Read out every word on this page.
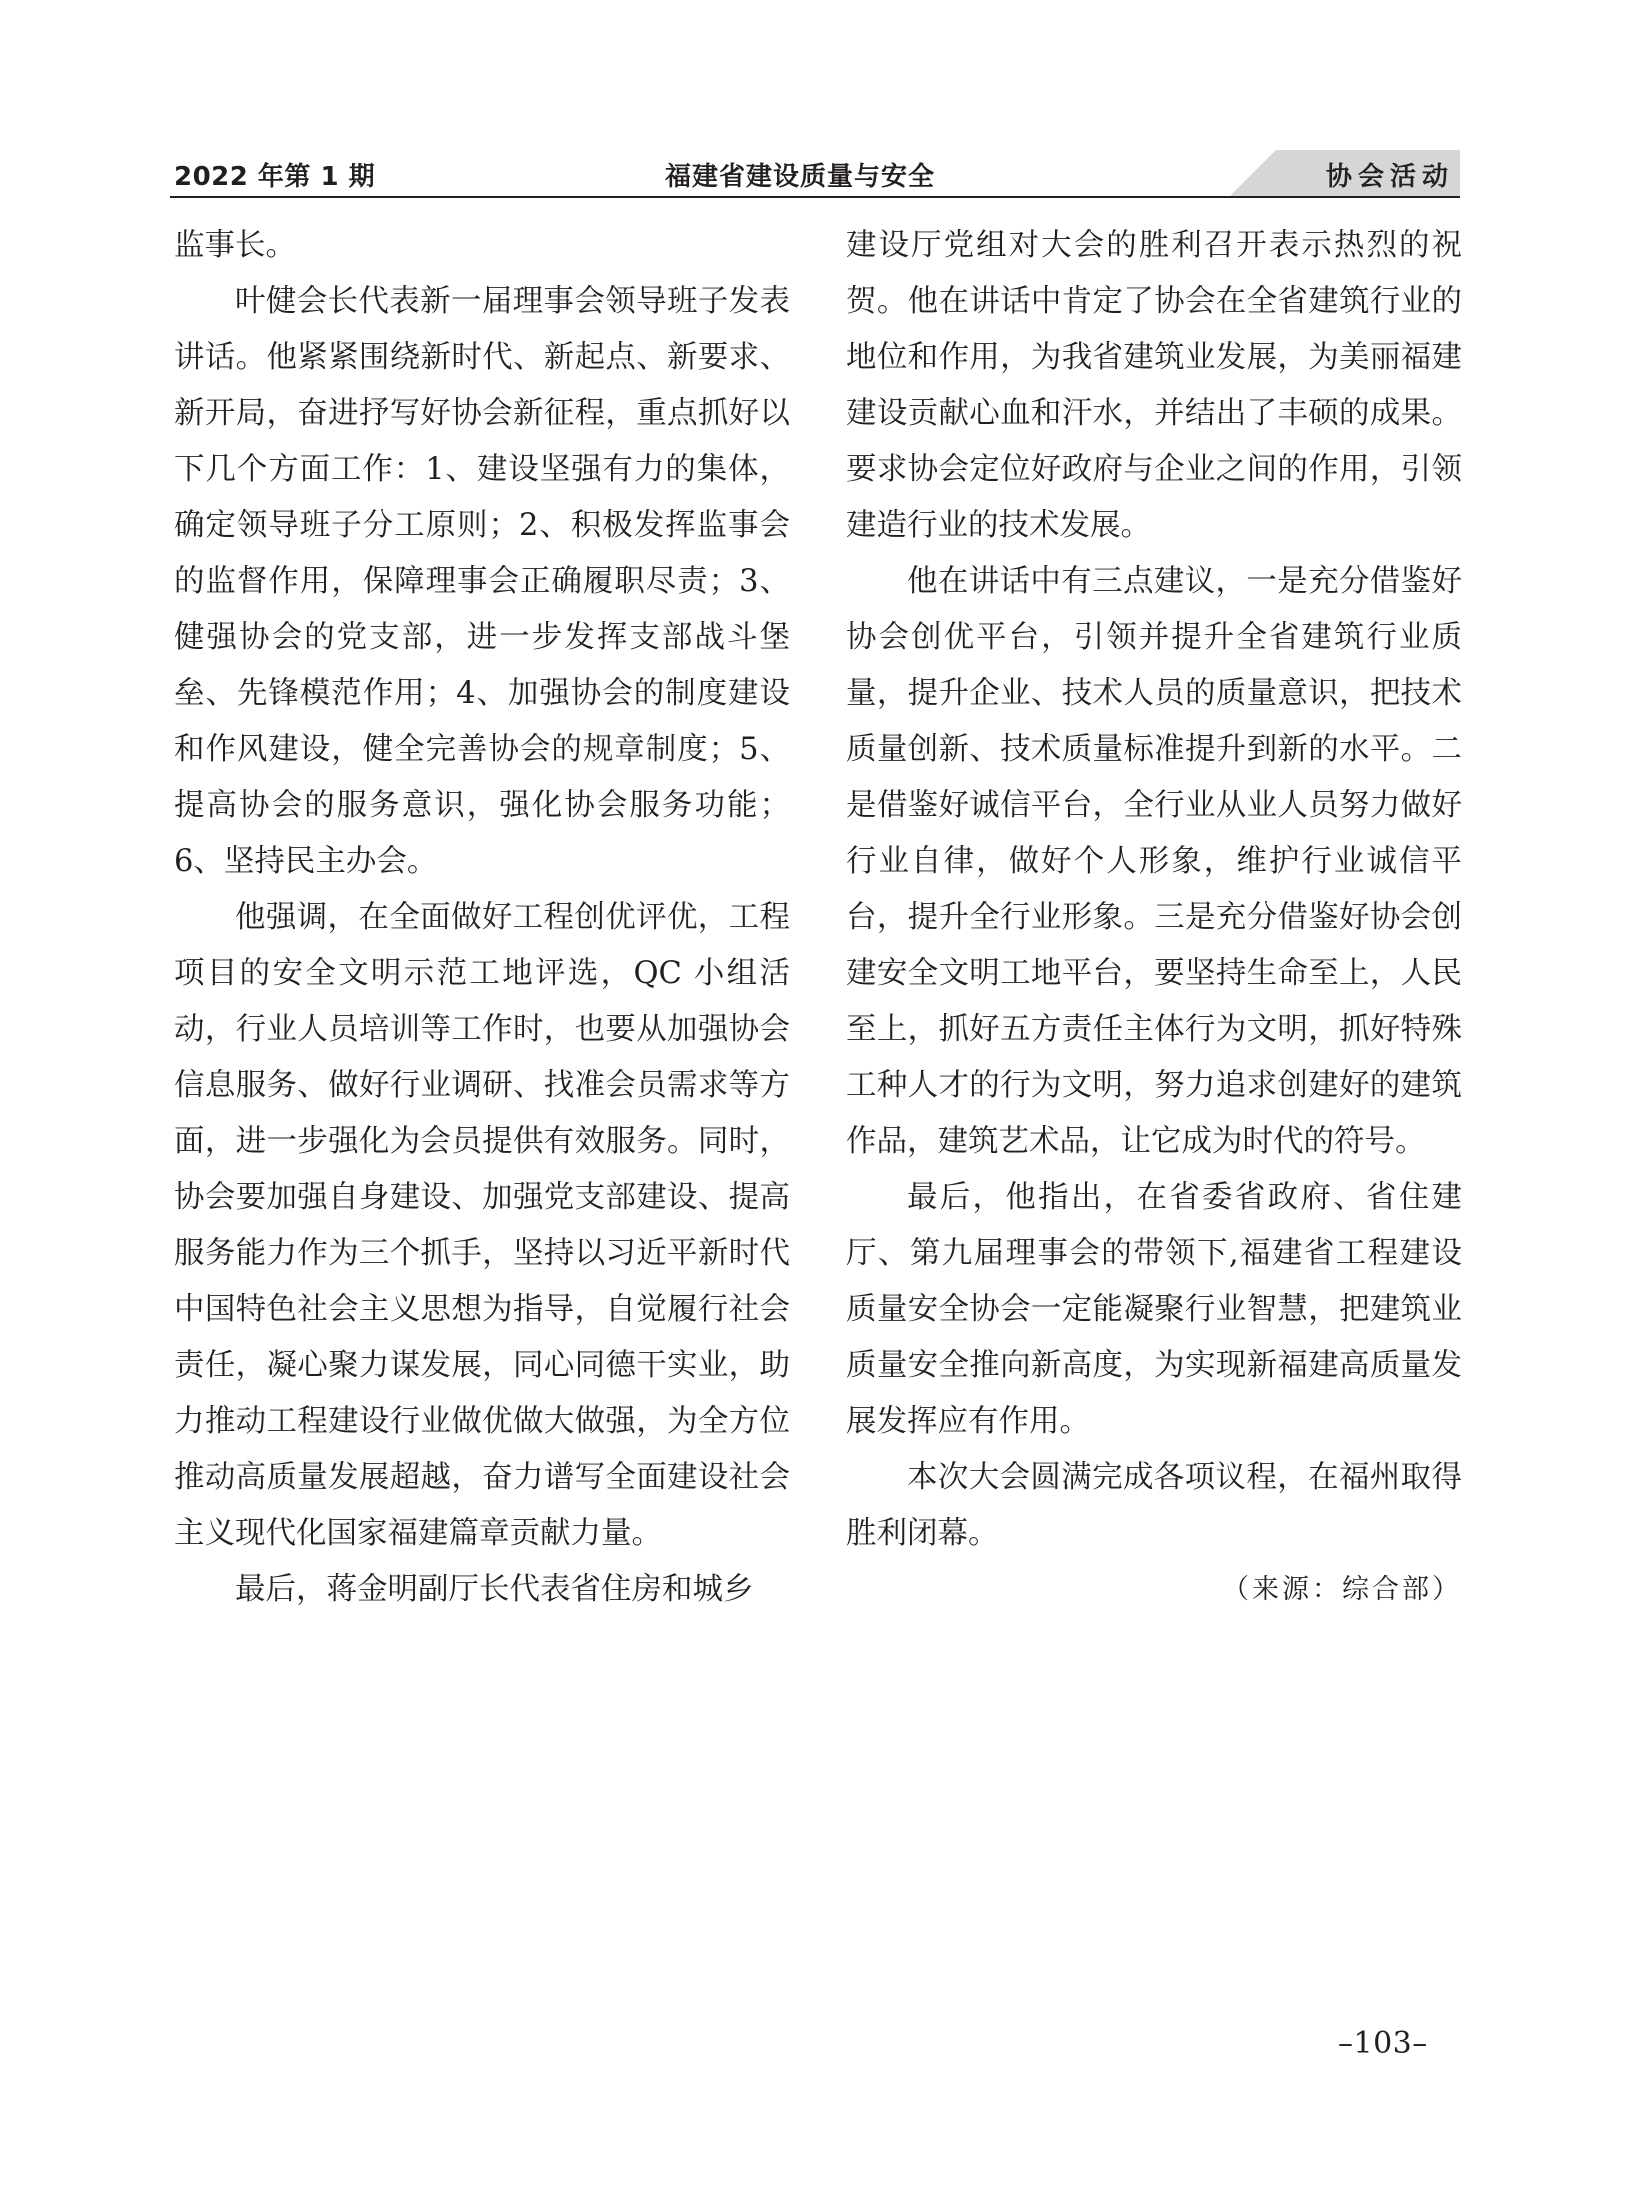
2022 年第 1 期	福建省建设质量与安全	协会活动

监事长。

叶健会长代表新一届理事会领导班子发表讲话。他紧紧围绕新时代、新起点、新要求、新开局，奋进抒写好协会新征程，重点抓好以下几个方面工作：1、建设坚强有力的集体，确定领导班子分工原则；2、积极发挥监事会的监督作用，保障理事会正确履职尽责；3、健强协会的党支部，进一步发挥支部战斗堡垒、先锋模范作用；4、加强协会的制度建设和作风建设，健全完善协会的规章制度；5、提高协会的服务意识，强化协会服务功能；6、坚持民主办会。

他强调，在全面做好工程创优评优，工程项目的安全文明示范工地评选，QC 小组活动，行业人员培训等工作时，也要从加强协会信息服务、做好行业调研、找准会员需求等方面，进一步强化为会员提供有效服务。同时，协会要加强自身建设、加强党支部建设、提高服务能力作为三个抓手，坚持以习近平新时代中国特色社会主义思想为指导，自觉履行社会责任，凝心聚力谋发展，同心同德干实业，助力推动工程建设行业做优做大做强，为全方位推动高质量发展超越，奋力谱写全面建设社会主义现代化国家福建篇章贡献力量。

最后，蒋金明副厅长代表省住房和城乡

建设厅党组对大会的胜利召开表示热烈的祝贺。他在讲话中肯定了协会在全省建筑行业的地位和作用，为我省建筑业发展，为美丽福建建设贡献心血和汗水，并结出了丰硕的成果。要求协会定位好政府与企业之间的作用，引领建造行业的技术发展。

他在讲话中有三点建议，一是充分借鉴好协会创优平台，引领并提升全省建筑行业质量，提升企业、技术人员的质量意识，把技术质量创新、技术质量标准提升到新的水平。二是借鉴好诚信平台，全行业从业人员努力做好行业自律，做好个人形象，维护行业诚信平台，提升全行业形象。三是充分借鉴好协会创建安全文明工地平台，要坚持生命至上，人民至上，抓好五方责任主体行为文明，抓好特殊工种人才的行为文明，努力追求创建好的建筑作品，建筑艺术品，让它成为时代的符号。

最后，他指出，在省委省政府、省住建厅、第九届理事会的带领下,福建省工程建设质量安全协会一定能凝聚行业智慧，把建筑业质量安全推向新高度，为实现新福建高质量发展发挥应有作用。

本次大会圆满完成各项议程，在福州取得胜利闭幕。

（来源：综合部）

–103–
